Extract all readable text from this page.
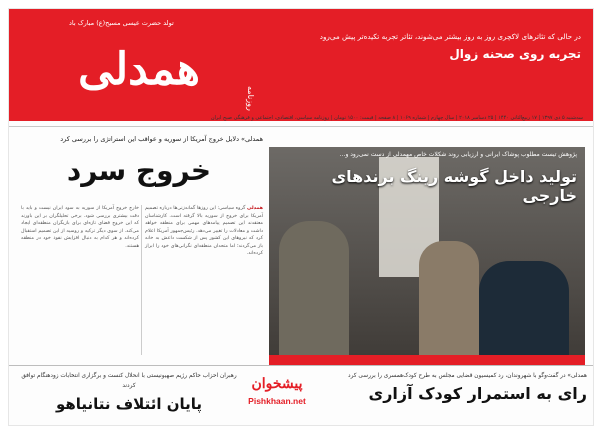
تولد حضرت عیسی مسیح(ع) مبارک باد
همدلی
روزنامه
در حالی که تئاترهای لاکچری روز به روز بیشتر می‌شوند، تئاتر تجربه تکیده‌تر پیش می‌رود
تجربه روی صحنه زوال
سه‌شنبه ۵ دی ۱۳۹۷ | ۱۷ ربیع‌الثانی ۱۴۴۰ | ۲۵ دسامبر ۲۰۱۸ | سال چهارم | شماره ۱۰۶۹ | ۸ صفحه | قیمت: ۱۵۰۰ تومان | روزنامه سیاسی، اقتصادی، اجتماعی و فرهنگی صبح ایران
همدلی» دلایل خروج آمریکا از سوریه و عواقب این استراتژی را بررسی کرد
خروج سرد
همدلی گروه سیاسی: این روزها گمانه‌زنی‌ها درباره تصمیم آمریکا برای خروج از سوریه بالا گرفته است. کارشناسان معتقدند این تصمیم پیامدهای مهمی برای منطقه خواهد داشت و معادلات را تغییر می‌دهد. رئیس‌جمهور آمریکا اعلام کرد که نیروهای این کشور پس از شکست داعش به خانه باز می‌گردند؛ اما متحدان منطقه‌ای نگرانی‌های خود را ابراز کرده‌اند.
خارج خروج آمریکا از سوریه به سود ایران نیست و باید با دقت بیشتری بررسی شود. برخی تحلیلگران بر این باورند که این خروج فضای تازه‌ای برای بازیگران منطقه‌ای ایجاد می‌کند. از سوی دیگر ترکیه و روسیه از این تصمیم استقبال کرده‌اند و هر کدام به دنبال افزایش نفوذ خود در منطقه هستند.
پژوهش تیست مطلوب پوشاک ایرانی و ارزیابی روند شکلات خاص مهمدلی از دست نمی‌رود و...
تولید داخل گوشه رینگ برندهای خارجی
رهبران احزاب حاکم رژیم صهیونیستی با انحلال کنست و برگزاری انتخابات زودهنگام توافق کردند
پایان ائتلاف نتانیاهو
پیشخوان
Pishkhaan.net
همدلی» در گفت‌وگو با شهروندان، رد کمیسیون قضایی مجلس به طرح کودک‌همسری را بررسی کرد
رای به استمرار کودک آزاری
